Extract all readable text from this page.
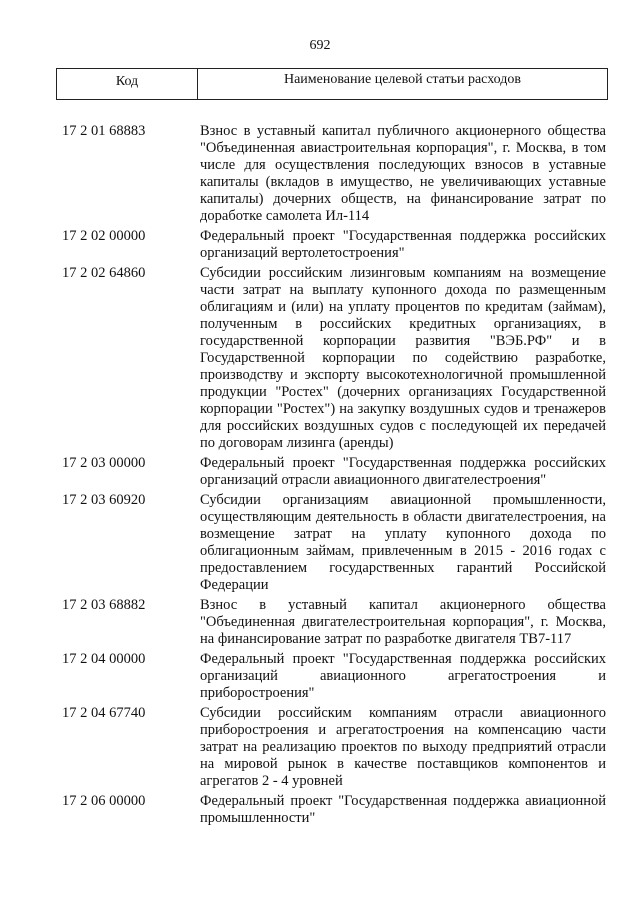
692
Код	Наименование целевой статьи расходов
17 2 01 68883	Взнос в уставный капитал публичного акционерного общества "Объединенная авиастроительная корпорация", г. Москва, в том числе для осуществления последующих взносов в уставные капиталы (вкладов в имущество, не увеличивающих уставные капиталы) дочерних обществ, на финансирование затрат по доработке самолета Ил-114
17 2 02 00000	Федеральный проект "Государственная поддержка российских организаций вертолетостроения"
17 2 02 64860	Субсидии российским лизинговым компаниям на возмещение части затрат на выплату купонного дохода по размещенным облигациям и (или) на уплату процентов по кредитам (займам), полученным в российских кредитных организациях, в государственной корпорации развития "ВЭБ.РФ" и в Государственной корпорации по содействию разработке, производству и экспорту высокотехнологичной промышленной продукции "Ростех" (дочерних организациях Государственной корпорации "Ростех") на закупку воздушных судов и тренажеров для российских воздушных судов с последующей их передачей по договорам лизинга (аренды)
17 2 03 00000	Федеральный проект "Государственная поддержка российских организаций отрасли авиационного двигателестроения"
17 2 03 60920	Субсидии организациям авиационной промышленности, осуществляющим деятельность в области двигателестроения, на возмещение затрат на уплату купонного дохода по облигационным займам, привлеченным в 2015 - 2016 годах с предоставлением государственных гарантий Российской Федерации
17 2 03 68882	Взнос в уставный капитал акционерного общества "Объединенная двигателестроительная корпорация", г. Москва, на финансирование затрат по разработке двигателя ТВ7-117
17 2 04 00000	Федеральный проект "Государственная поддержка российских организаций авиационного агрегатостроения и приборостроения"
17 2 04 67740	Субсидии российским компаниям отрасли авиационного приборостроения и агрегатостроения на компенсацию части затрат на реализацию проектов по выходу предприятий отрасли на мировой рынок в качестве поставщиков компонентов и агрегатов 2 - 4 уровней
17 2 06 00000	Федеральный проект "Государственная поддержка авиационной промышленности"
